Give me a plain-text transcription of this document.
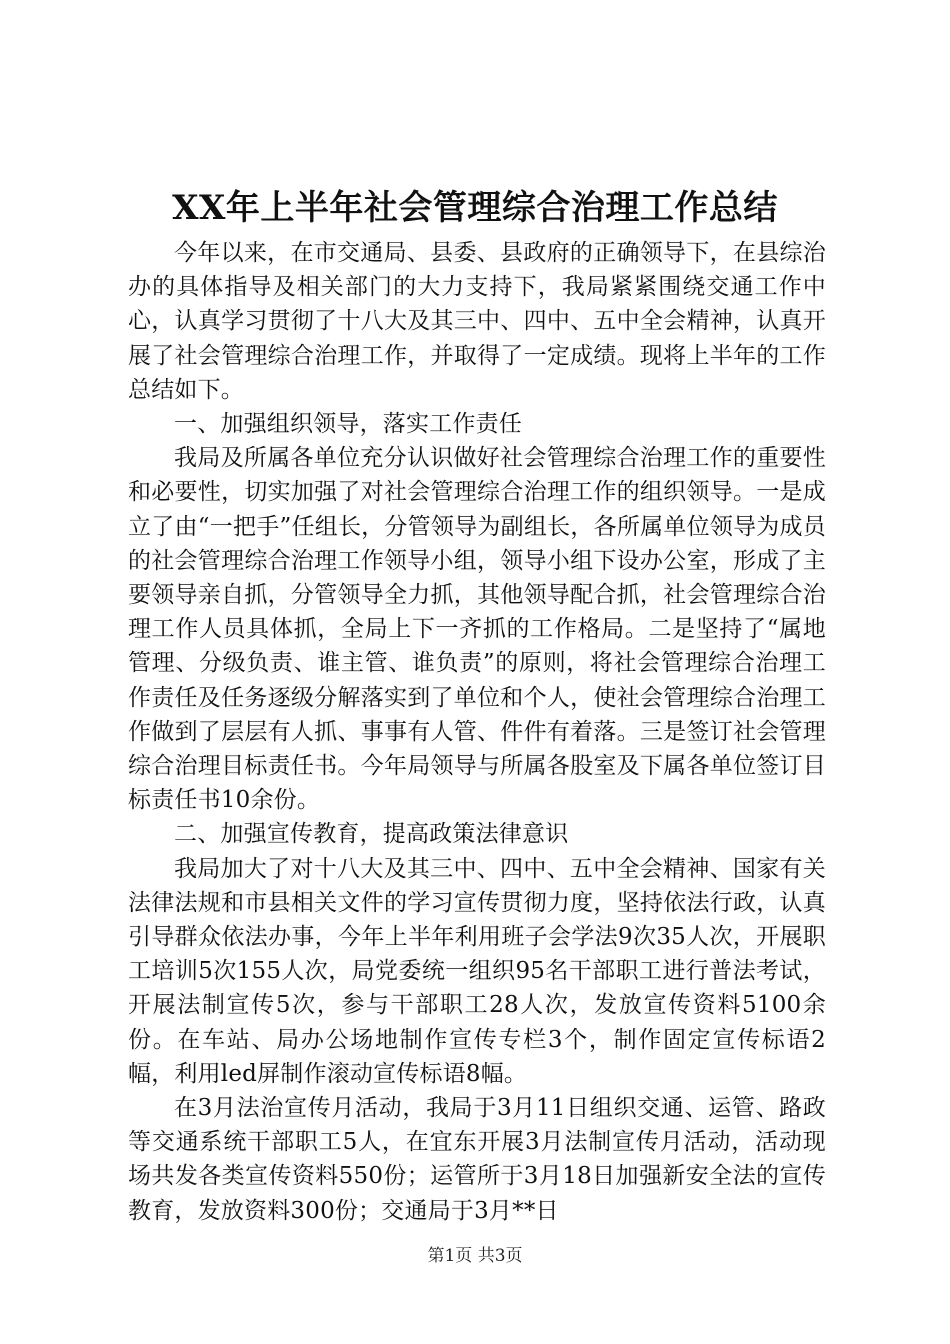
XX年上半年社会管理综合治理工作总结

今年以来，在市交通局、县委、县政府的正确领导下，在县综治办的具体指导及相关部门的大力支持下，我局紧紧围绕交通工作中心，认真学习贯彻了十八大及其三中、四中、五中全会精神，认真开展了社会管理综合治理工作，并取得了一定成绩。现将上半年的工作总结如下。

一、加强组织领导，落实工作责任

我局及所属各单位充分认识做好社会管理综合治理工作的重要性和必要性，切实加强了对社会管理综合治理工作的组织领导。一是成立了由“一把手”任组长，分管领导为副组长，各所属单位领导为成员的社会管理综合治理工作领导小组，领导小组下设办公室，形成了主要领导亲自抓，分管领导全力抓，其他领导配合抓，社会管理综合治理工作人员具体抓，全局上下一齐抓的工作格局。二是坚持了“属地管理、分级负责、谁主管、谁负责”的原则，将社会管理综合治理工作责任及任务逐级分解落实到了单位和个人，使社会管理综合治理工作做到了层层有人抓、事事有人管、件件有着落。三是签订社会管理综合治理目标责任书。今年局领导与所属各股室及下属各单位签订目标责任书10余份。

二、加强宣传教育，提高政策法律意识

我局加大了对十八大及其三中、四中、五中全会精神、国家有关法律法规和市县相关文件的学习宣传贯彻力度，坚持依法行政，认真引导群众依法办事，今年上半年利用班子会学法9次35人次，开展职工培训5次155人次，局党委统一组织95名干部职工进行普法考试，开展法制宣传5次，参与干部职工28人次，发放宣传资料5100余份。在车站、局办公场地制作宣传专栏3个，制作固定宣传标语2幅，利用led屏制作滚动宣传标语8幅。

在3月法治宣传月活动，我局于3月11日组织交通、运管、路政等交通系统干部职工5人，在宜东开展3月法制宣传月活动，活动现场共发各类宣传资料550份；运管所于3月18日加强新安全法的宣传教育，发放资料300份；交通局于3月**日

第1页 共3页
